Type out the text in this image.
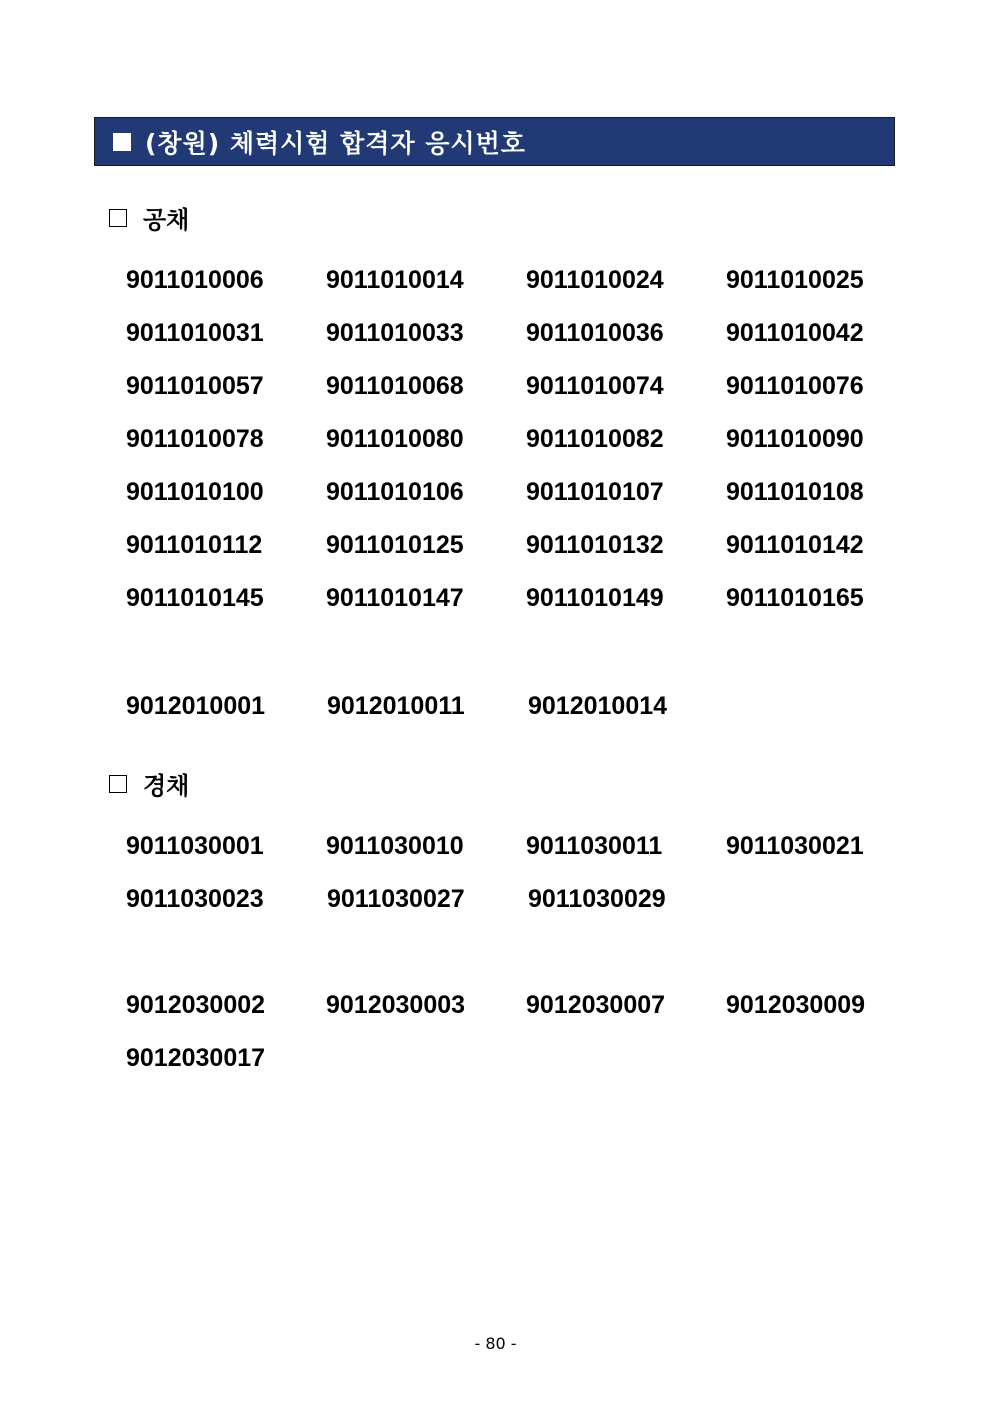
(창원) 체력시험 합격자 응시번호
공채
9011010006	9011010014	9011010024	9011010025
9011010031	9011010033	9011010036	9011010042
9011010057	9011010068	9011010074	9011010076
9011010078	9011010080	9011010082	9011010090
9011010100	9011010106	9011010107	9011010108
9011010112	9011010125	9011010132	9011010142
9011010145	9011010147	9011010149	9011010165
9012010001	9012010011	9012010014
경채
9011030001	9011030010	9011030011	9011030021
9011030023	9011030027	9011030029
9012030002	9012030003	9012030007	9012030009
9012030017
- 80 -
